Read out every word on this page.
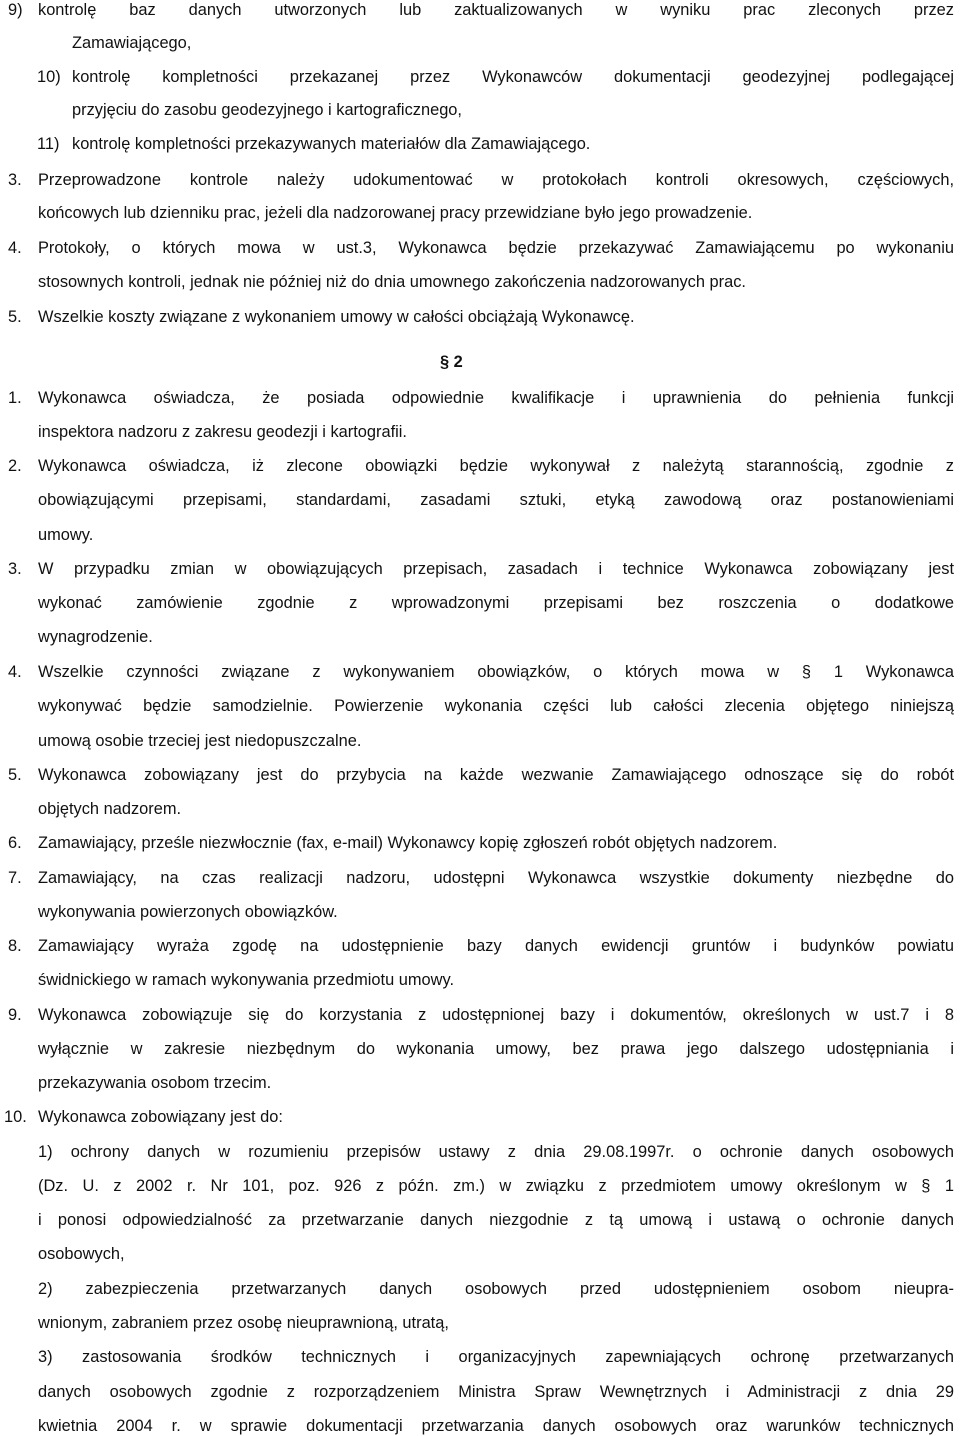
9) kontrolę baz danych utworzonych lub zaktualizowanych w wyniku prac zleconych przez
Zamawiającego,
10) kontrolę kompletności przekazanej przez Wykonawców dokumentacji geodezyjnej podlegającej
przyjęciu do zasobu geodezyjnego i kartograficznego,
11) kontrolę kompletności przekazywanych materiałów dla Zamawiającego.
3. Przeprowadzone kontrole należy udokumentować w protokołach kontroli okresowych, częściowych,
końcowych lub dzienniku prac, jeżeli dla nadzorowanej pracy przewidziane było jego prowadzenie.
4. Protokoły, o których mowa w ust.3, Wykonawca będzie przekazywać Zamawiającemu po wykonaniu
stosownych kontroli, jednak nie później niż do dnia umownego zakończenia nadzorowanych prac.
5. Wszelkie koszty związane z wykonaniem umowy w całości obciążają Wykonawcę.
§ 2
1. Wykonawca oświadcza, że posiada odpowiednie kwalifikacje i uprawnienia do pełnienia funkcji
inspektora nadzoru z zakresu geodezji i kartografii.
2. Wykonawca oświadcza, iż zlecone obowiązki będzie wykonywał z należytą starannością, zgodnie z
obowiązującymi przepisami, standardami, zasadami sztuki, etyką zawodową oraz postanowieniami
umowy.
3. W przypadku zmian w obowiązujących przepisach, zasadach i technice Wykonawca zobowiązany jest
wykonać zamówienie zgodnie z wprowadzonymi przepisami bez roszczenia o dodatkowe
wynagrodzenie.
4. Wszelkie czynności związane z wykonywaniem obowiązków, o których mowa w § 1 Wykonawca
wykonywać będzie samodzielnie. Powierzenie wykonania części lub całości zlecenia objętego niniejszą
umową osobie trzeciej jest niedopuszczalne.
5. Wykonawca zobowiązany jest do przybycia na każde wezwanie Zamawiającego odnoszące się do robót
objętych nadzorem.
6. Zamawiający, prześle niezwłocznie (fax, e-mail) Wykonawcy kopię zgłoszeń robót objętych nadzorem.
7. Zamawiający, na czas realizacji nadzoru, udostępni Wykonawca wszystkie dokumenty niezbędne do
wykonywania powierzonych obowiązków.
8. Zamawiający wyraża zgodę na udostępnienie bazy danych ewidencji gruntów i budynków powiatu
świdnickiego w ramach wykonywania przedmiotu umowy.
9. Wykonawca zobowiązuje się do korzystania z udostępnionej bazy i dokumentów, określonych w ust.7 i 8
wyłącznie w zakresie niezbędnym do wykonania umowy, bez prawa jego dalszego udostępniania i
przekazywania osobom trzecim.
10. Wykonawca zobowiązany jest do:
1) ochrony danych w rozumieniu przepisów ustawy z dnia 29.08.1997r. o ochronie danych osobowych
(Dz. U. z 2002 r. Nr 101, poz. 926 z późn. zm.) w związku z przedmiotem umowy określonym w § 1
i ponosi odpowiedzialność za przetwarzanie danych niezgodnie z tą umową i ustawą o ochronie danych
osobowych,
2) zabezpieczenia przetwarzanych danych osobowych przed udostępnieniem osobom nieupra-
wnionym, zabraniem przez osobę nieuprawnioną, utratą,
3) zastosowania środków technicznych i organizacyjnych zapewniających ochronę przetwarzanych
danych osobowych zgodnie z rozporządzeniem Ministra Spraw Wewnętrznych i Administracji z dnia 29
kwietnia 2004 r. w sprawie dokumentacji przetwarzania danych osobowych oraz warunków technicznych
